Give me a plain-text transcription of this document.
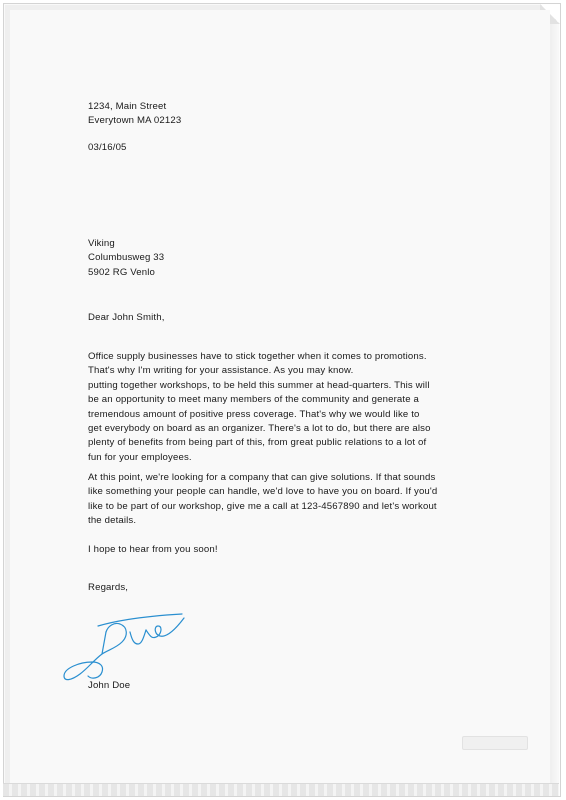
1234, Main Street
Everytown MA 02123
03/16/05
Viking
Columbusweg 33
5902 RG Venlo
Dear John Smith,
Office supply businesses have to stick together when it comes to promotions.
That's why I'm writing for your assistance. As you may know.
putting together workshops, to be held this summer at head-quarters. This will
be an opportunity to meet many members of the community and generate a
tremendous amount of positive press coverage. That's why we would like to
get everybody on board as an organizer. There's a lot to do, but there are also
plenty of benefits from being part of this, from great public relations to a lot of
fun for your employees.
At this point, we're looking for a company that can give solutions. If that sounds
like something your people can handle, we'd love to have you on board. If you'd
like to be part of our workshop, give me a call at 123-4567890 and let's workout
the details.
I hope to hear from you soon!
Regards,
John Doe
